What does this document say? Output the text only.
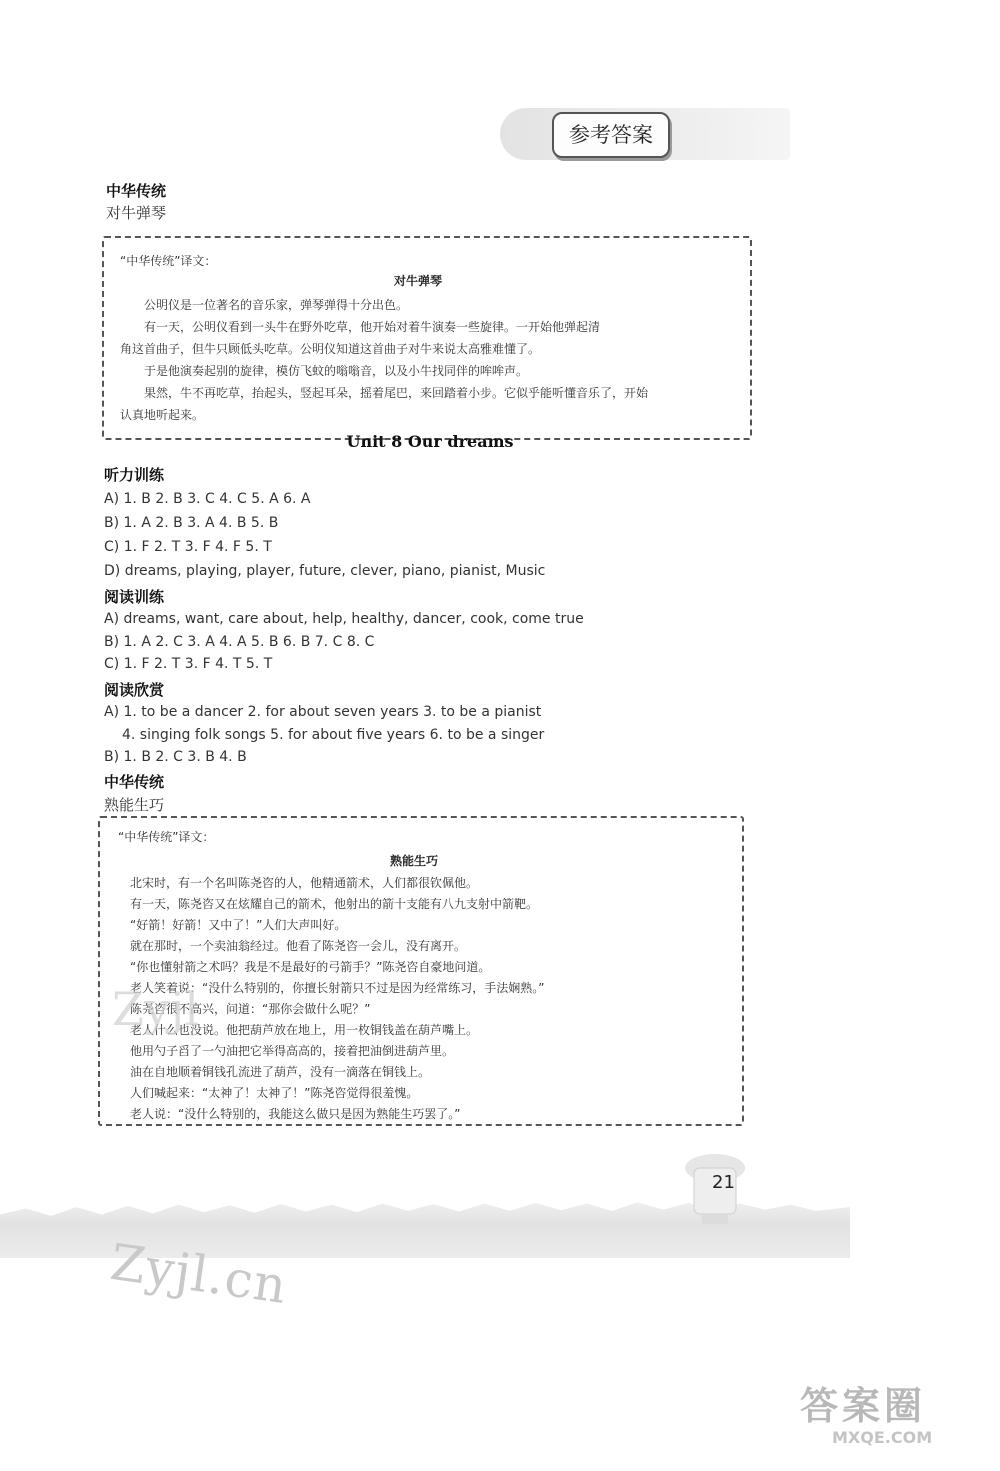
参考答案
中华传统
对牛弹琴
“中华传统”译文：
对牛弹琴
公明仪是一位著名的音乐家，弹琴弹得十分出色。
有一天，公明仪看到一头牛在野外吃草，他开始对着牛演奏一些旋律。一开始他弹起清
角这首曲子，但牛只顾低头吃草。公明仪知道这首曲子对牛来说太高雅难懂了。
于是他演奏起别的旋律，模仿飞蚊的嗡嗡音，以及小牛找同伴的哞哞声。
果然，牛不再吃草，抬起头，竖起耳朵，摇着尾巴，来回踏着小步。它似乎能听懂音乐了，开始
认真地听起来。
Unit 8 Our dreams
听力训练
A) 1. B 2. B 3. C 4. C 5. A 6. A
B) 1. A 2. B 3. A 4. B 5. B
C) 1. F 2. T 3. F 4. F 5. T
D) dreams, playing, player, future, clever, piano, pianist, Music
阅读训练
A) dreams, want, care about, help, healthy, dancer, cook, come true
B) 1. A 2. C 3. A 4. A 5. B 6. B 7. C 8. C
C) 1. F 2. T 3. F 4. T 5. T
阅读欣赏
A) 1. to be a dancer 2. for about seven years 3. to be a pianist
4. singing folk songs 5. for about five years 6. to be a singer
B) 1. B 2. C 3. B 4. B
中华传统
熟能生巧
“中华传统”译文：
熟能生巧
北宋时，有一个名叫陈尧咨的人，他精通箭术，人们都很钦佩他。
有一天，陈尧咨又在炫耀自己的箭术，他射出的箭十支能有八九支射中箭靶。
“好箭！好箭！又中了！”人们大声叫好。
就在那时，一个卖油翁经过。他看了陈尧咨一会儿，没有离开。
“你也懂射箭之术吗？我是不是最好的弓箭手？”陈尧咨自豪地问道。
老人笑着说：“没什么特别的，你擅长射箭只不过是因为经常练习，手法娴熟。”
陈尧咨很不高兴，问道：“那你会做什么呢？”
老人什么也没说。他把葫芦放在地上，用一枚铜钱盖在葫芦嘴上。
他用勺子舀了一勺油把它举得高高的，接着把油倒进葫芦里。
油在自地顺着铜钱孔流进了葫芦，没有一滴落在铜钱上。
人们喊起来：“太神了！太神了！”陈尧咨觉得很羞愧。
老人说：“没什么特别的，我能这么做只是因为熟能生巧罢了。”
Zyjl
21
Zyjl.cn
答案圈
MXQE.COM
